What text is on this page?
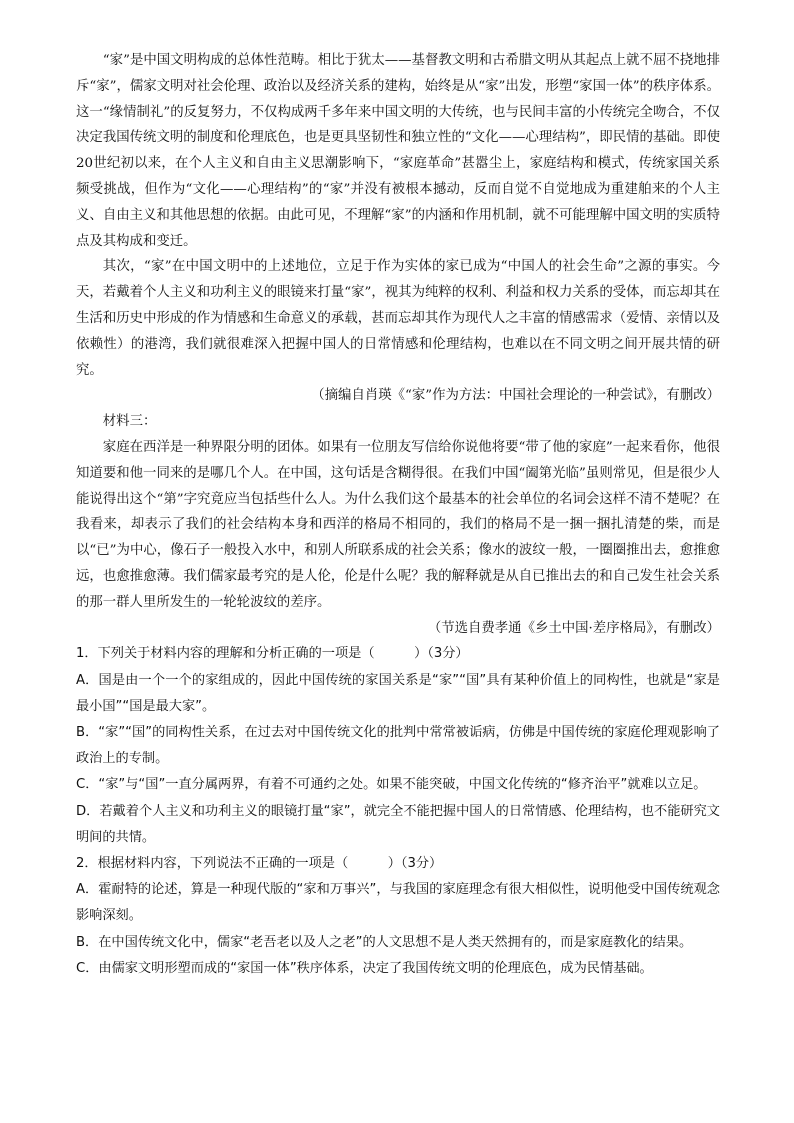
“家”是中国文明构成的总体性范畴。相比于犹太——基督教文明和古希腊文明从其起点上就不屈不挠地排斥“家”，儒家文明对社会伦理、政治以及经济关系的建构，始终是从“家”出发，形塑“家国一体”的秩序体系。这一“缘情制礼”的反复努力，不仅构成两千多年来中国文明的大传统，也与民间丰富的小传统完全吻合，不仅决定我国传统文明的制度和伦理底色，也是更具坚韧性和独立性的“文化——心理结构”，即民情的基础。即使20世纪初以来，在个人主义和自由主义思潮影响下，“家庭革命”甚嚣尘上，家庭结构和模式，传统家国关系频受挑战，但作为“文化——心理结构”的“家”并没有被根本撼动，反而自觉不自觉地成为重建舶来的个人主义、自由主义和其他思想的依据。由此可见，不理解“家”的内涵和作用机制，就不可能理解中国文明的实质特点及其构成和变迁。

其次，“家”在中国文明中的上述地位，立足于作为实体的家已成为“中国人的社会生命”之源的事实。今天，若戴着个人主义和功利主义的眼镜来打量“家”，视其为纯粹的权利、利益和权力关系的受体，而忘却其在生活和历史中形成的作为情感和生命意义的承载，甚而忘却其作为现代人之丰富的情感需求（爱情、亲情以及依赖性）的港湾，我们就很难深入把握中国人的日常情感和伦理结构，也难以在不同文明之间开展共情的研究。

（摘编自肖瑛《“家”作为方法：中国社会理论的一种尝试》，有删改）

材料三：

家庭在西洋是一种界限分明的团体。如果有一位朋友写信给你说他将要“带了他的家庭”一起来看你，他很知道要和他一同来的是哪几个人。在中国，这句话是含糊得很。在我们中国“阖第光临”虽则常见，但是很少人能说得出这个“第”字究竟应当包括些什么人。为什么我们这个最基本的社会单位的名词会这样不清不楚呢？在我看来，却表示了我们的社会结构本身和西洋的格局不相同的，我们的格局不是一捆一捆扎清楚的柴，而是以“已”为中心，像石子一般投入水中，和别人所联系成的社会关系；像水的波纹一般，一圈圈推出去，愈推愈远，也愈推愈薄。我们儒家最考究的是人伦，伦是什么呢？我的解释就是从自已推出去的和自己发生社会关系的那一群人里所发生的一轮轮波纹的差序。

（节选自费孝通《乡土中国·差序格局》，有删改）

1．下列关于材料内容的理解和分析正确的一项是（　　　）（3分）

A．国是由一个一个的家组成的，因此中国传统的家国关系是“家”“国”具有某种价值上的同构性，也就是“家是最小国”“国是最大家”。

B．“家”“国”的同构性关系，在过去对中国传统文化的批判中常常被诟病，仿佛是中国传统的家庭伦理观影响了政治上的专制。

C．“家”与“国”一直分属两界，有着不可通约之处。如果不能突破，中国文化传统的“修齐治平”就难以立足。

D．若戴着个人主义和功利主义的眼镜打量“家”，就完全不能把握中国人的日常情感、伦理结构，也不能研究文明间的共情。

2．根据材料内容，下列说法不正确的一项是（　　　）（3分）

A．霍耐特的论述，算是一种现代版的“家和万事兴”，与我国的家庭理念有很大相似性，说明他受中国传统观念影响深刻。

B．在中国传统文化中，儒家“老吾老以及人之老”的人文思想不是人类天然拥有的，而是家庭教化的结果。

C．由儒家文明形塑而成的“家国一体”秩序体系，决定了我国传统文明的伦理底色，成为民情基础。
